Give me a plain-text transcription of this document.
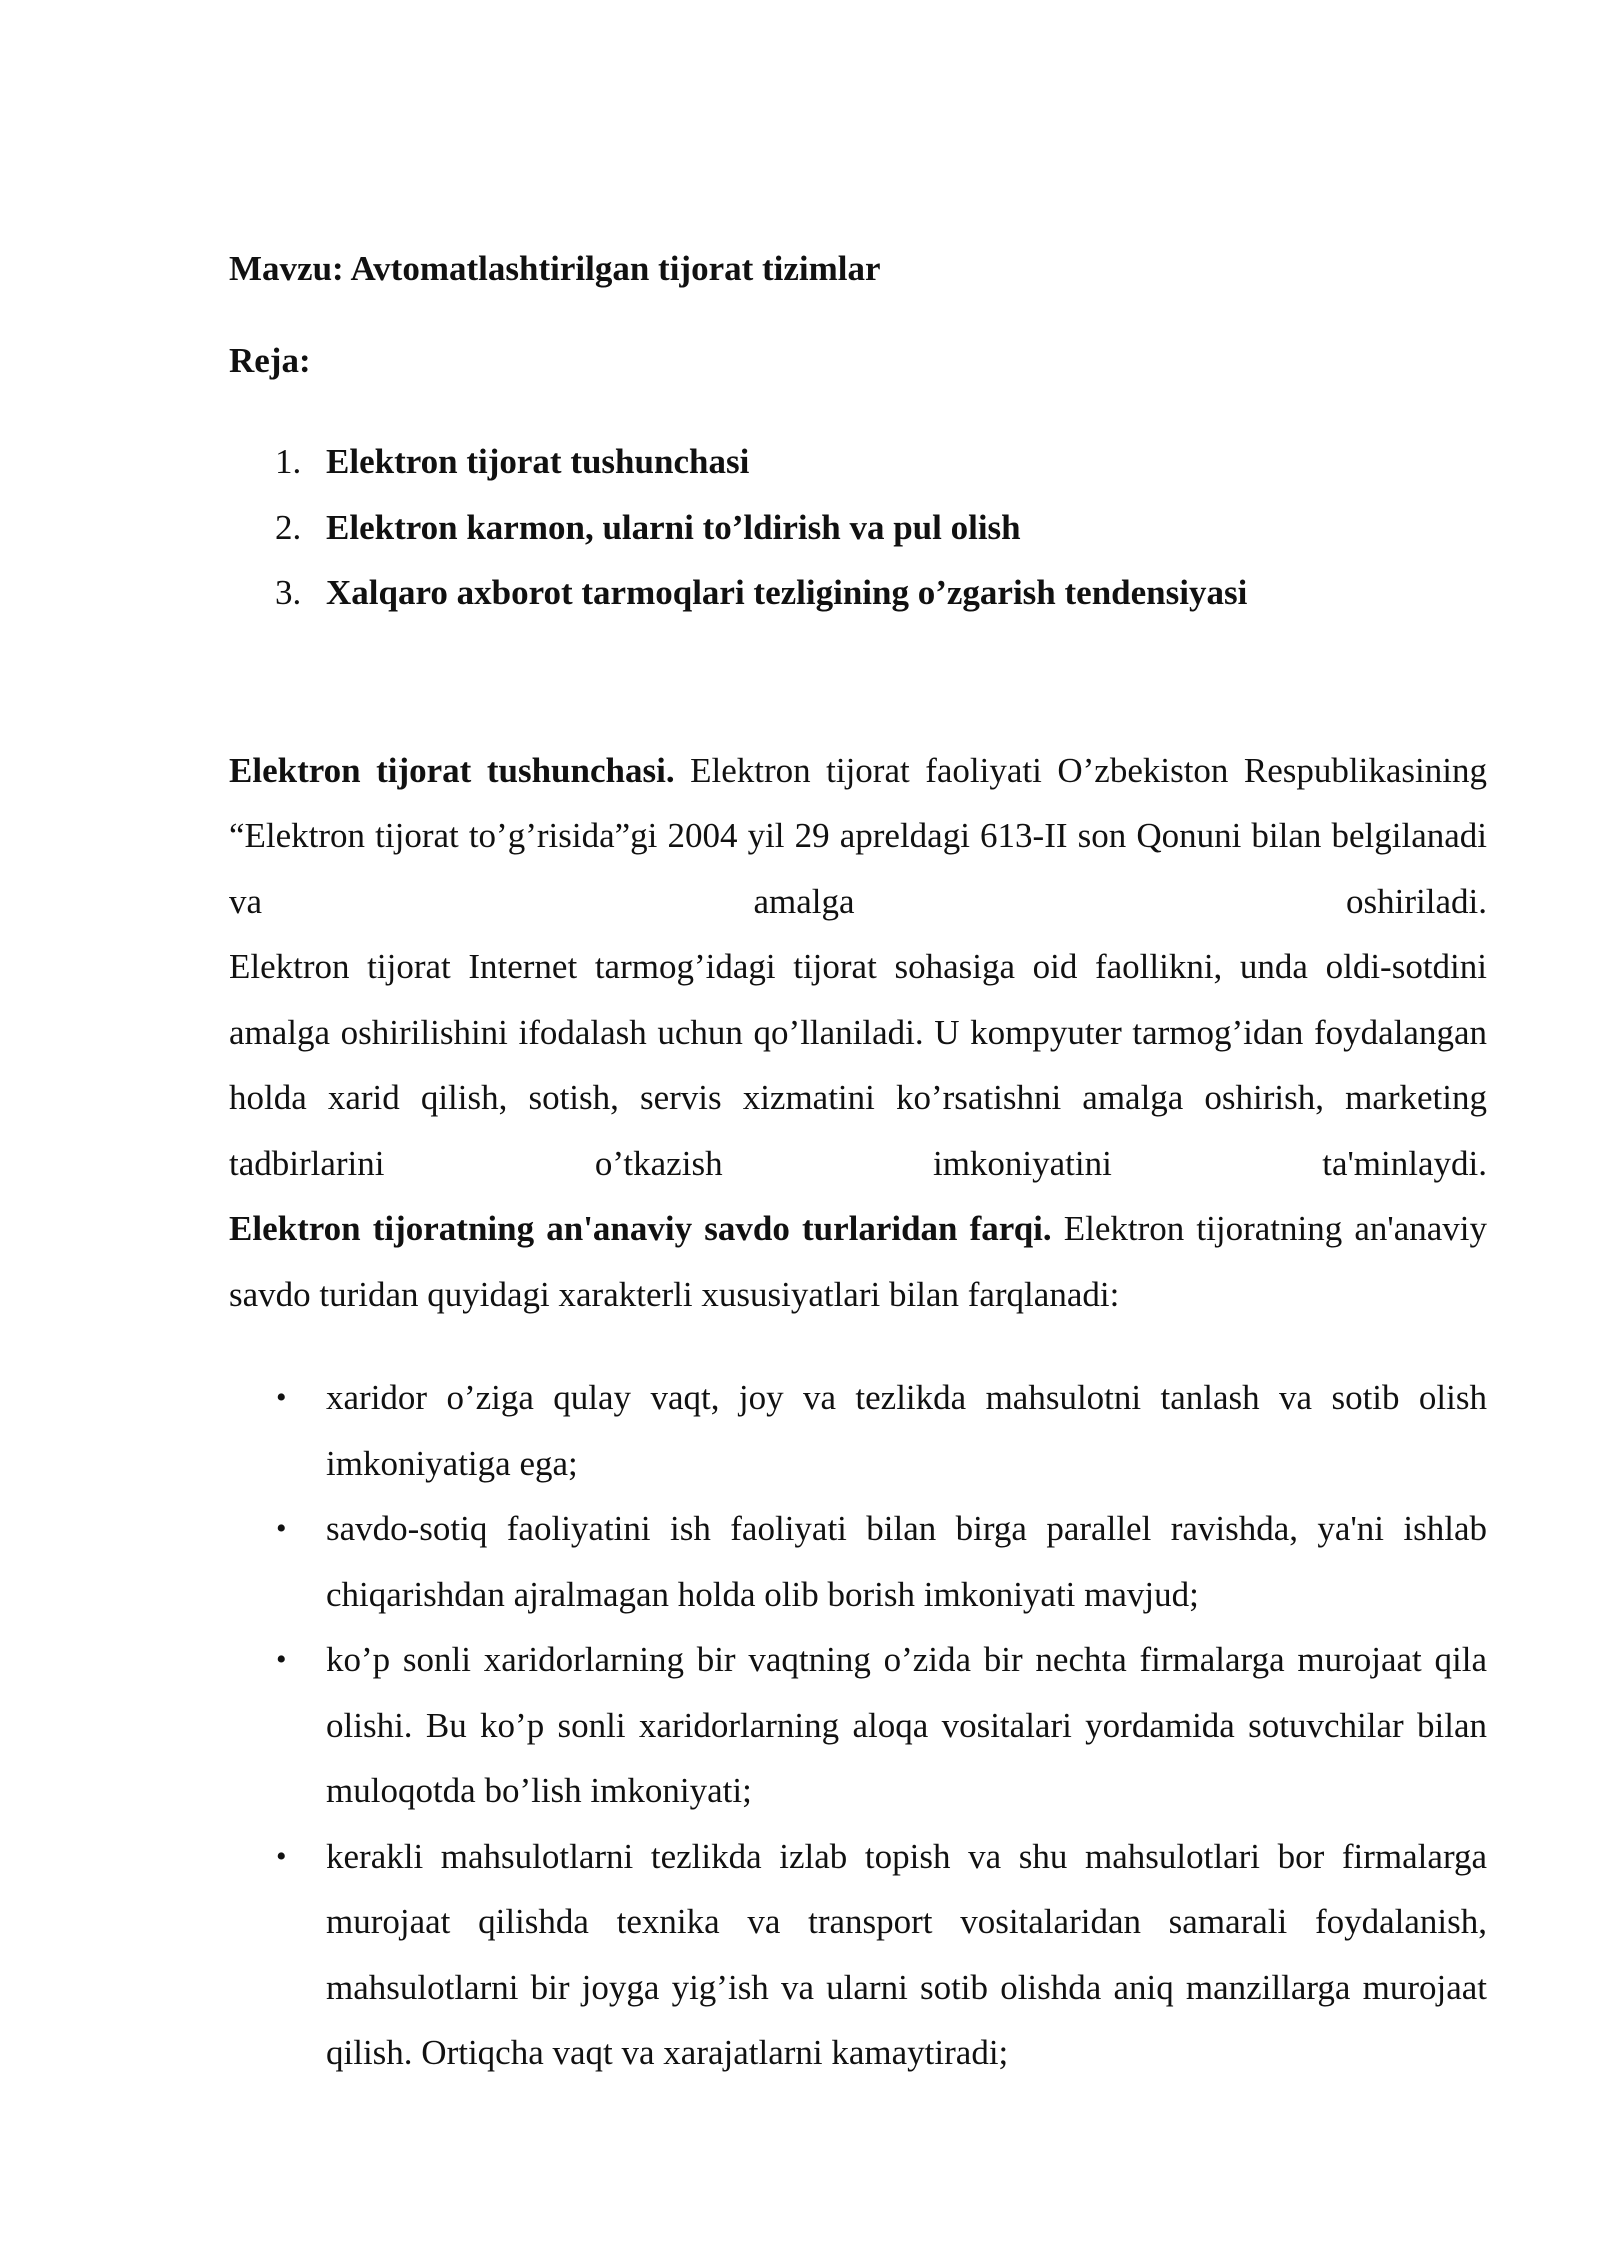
Mavzu: Avtomatlashtirilgan tijorat tizimlar

Reja:

1. Elektron tijorat tushunchasi
2. Elektron karmon, ularni to’ldirish va pul olish
3. Xalqaro axborot tarmoqlari tezligining o’zgarish tendensiyasi
Elektron tijorat tushunchasi. Elektron tijorat faoliyati O’zbekiston Respublikasining “Elektron tijorat to’g’risida”gi 2004 yil 29 apreldagi 613-II son Qonuni bilan belgilanadi va amalga oshiriladi.
Elektron tijorat Internet tarmog’idagi tijorat sohasiga oid faollikni, unda oldi-sotdini amalga oshirilishini ifodalash uchun qo’llaniladi. U kompyuter tarmog’idan foydalangan holda xarid qilish, sotish, servis xizmatini ko’rsatishni amalga oshirish, marketing tadbirlarini o’tkazish imkoniyatini ta'minlaydi.
Elektron tijoratning an'anaviy savdo turlaridan farqi. Elektron tijoratning an'anaviy savdo turidan quyidagi xarakterli xususiyatlari bilan farqlanadi:
• xaridor o’ziga qulay vaqt, joy va tezlikda mahsulotni tanlash va sotib olish imkoniyatiga ega;
• savdo-sotiq faoliyatini ish faoliyati bilan birga parallel ravishda, ya'ni ishlab chiqarishdan ajralmagan holda olib borish imkoniyati mavjud;
• ko’p sonli xaridorlarning bir vaqtning o’zida bir nechta firmalarga murojaat qila olishi. Bu ko’p sonli xaridorlarning aloqa vositalari yordamida sotuvchilar bilan muloqotda bo’lish imkoniyati;
• kerakli mahsulotlarni tezlikda izlab topish va shu mahsulotlari bor firmalarga murojaat qilishda texnika va transport vositalaridan samarali foydalanish, mahsulotlarni bir joyga yig’ish va ularni sotib olishda aniq manzillarga murojaat qilish. Ortiqcha vaqt va xarajatlarni kamaytiradi;
